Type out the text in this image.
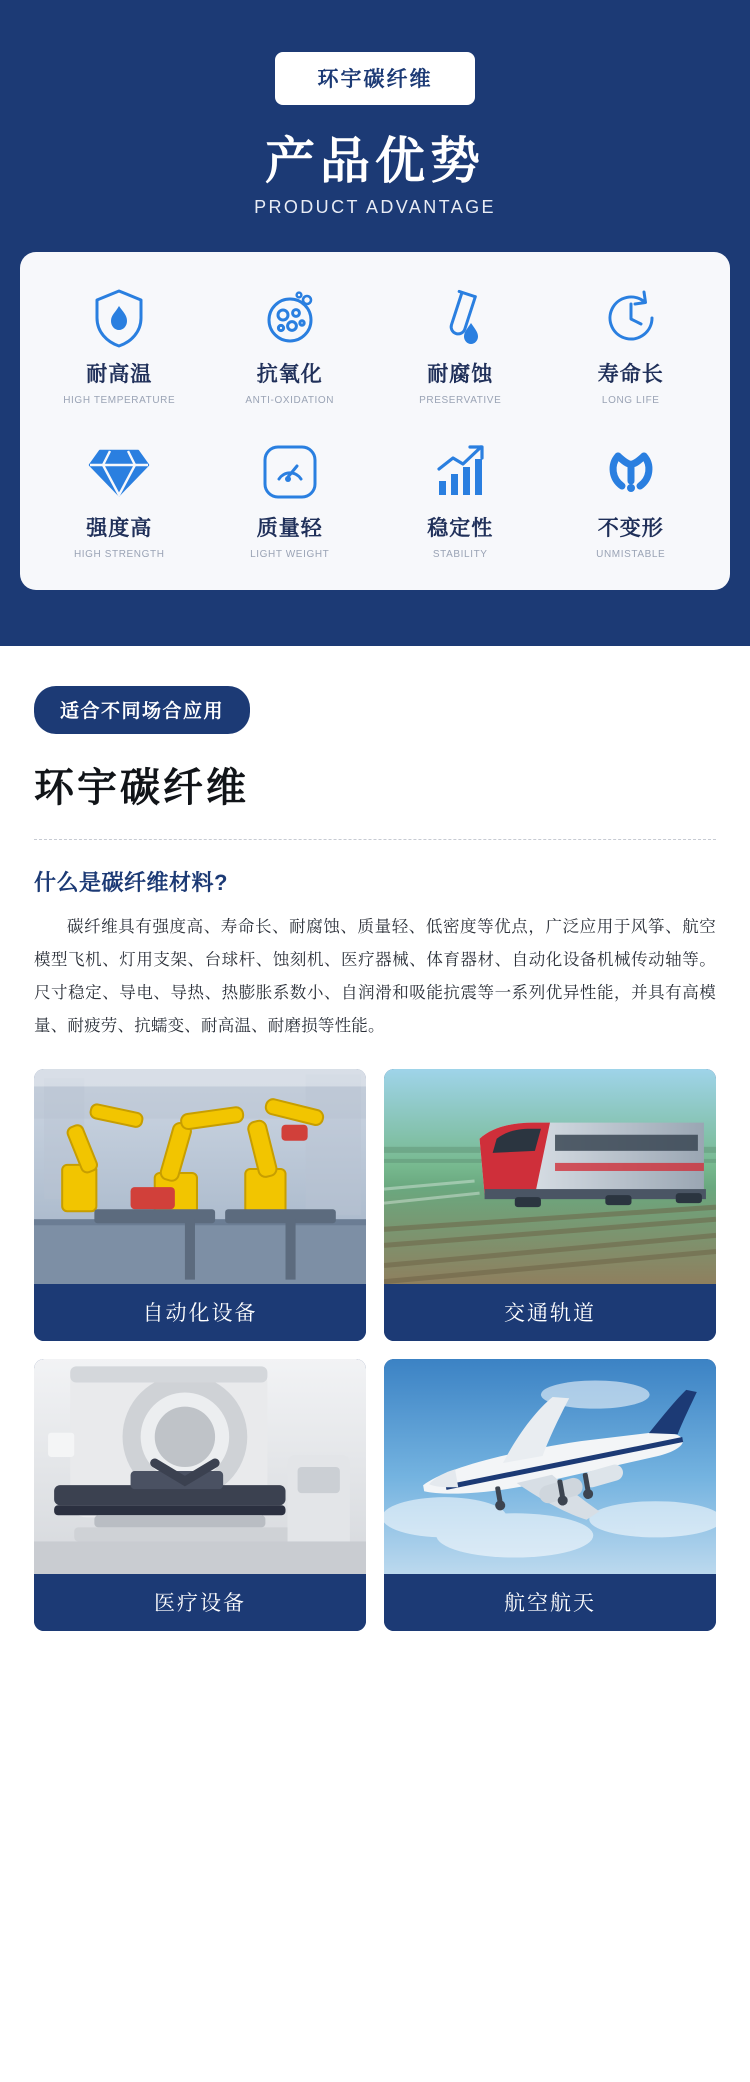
环宇碳纤维
产品优势
PRODUCT ADVANTAGE
耐高温
HIGH TEMPERATURE
抗氧化
ANTI-OXIDATION
耐腐蚀
PRESERVATIVE
寿命长
LONG LIFE
强度高
HIGH STRENGTH
质量轻
LIGHT WEIGHT
稳定性
STABILITY
不变形
UNMISTABLE
适合不同场合应用
环宇碳纤维
什么是碳纤维材料?
碳纤维具有强度高、寿命长、耐腐蚀、质量轻、低密度等优点，广泛应用于风筝、航空模型飞机、灯用支架、台球杆、蚀刻机、医疗器械、体育器材、自动化设备机械传动轴等。尺寸稳定、导电、导热、热膨胀系数小、自润滑和吸能抗震等一系列优异性能，并具有高模量、耐疲劳、抗蠕变、耐高温、耐磨损等性能。
自动化设备	交通轨道
医疗设备	航空航天
